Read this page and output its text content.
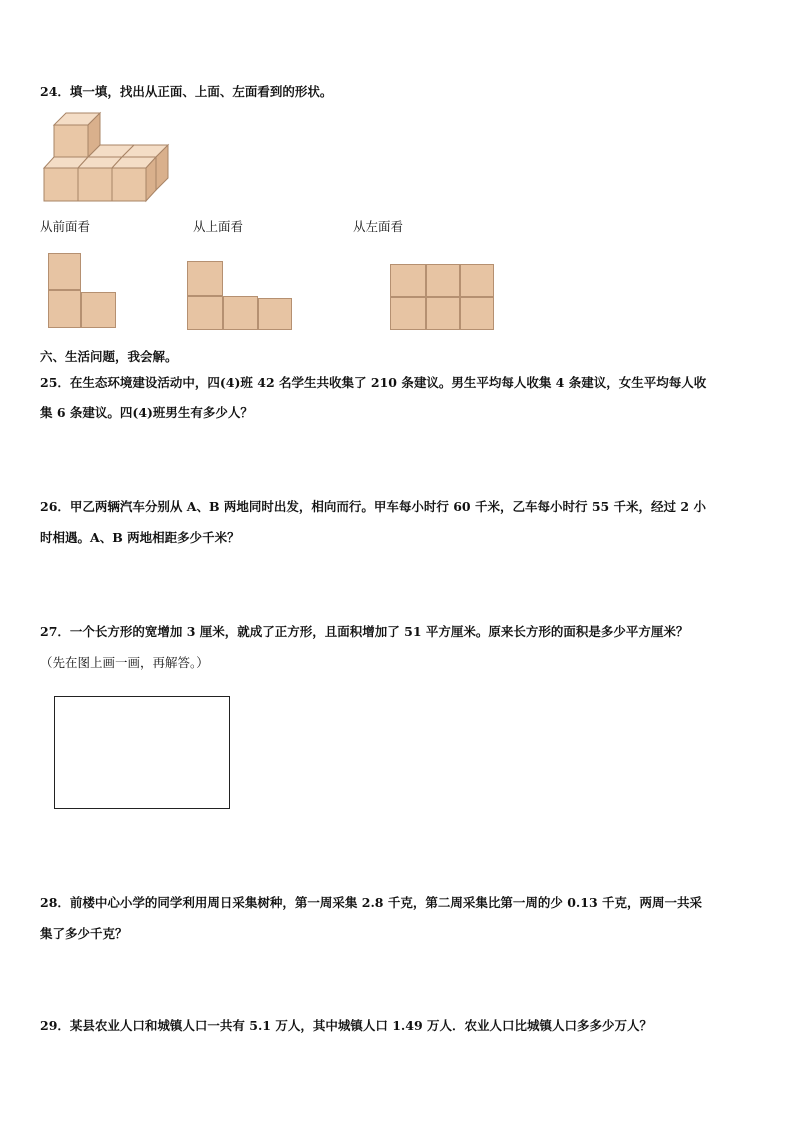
24．填一填，找出从正面、上面、左面看到的形状。
从前面看	从上面看	从左面看
六、生活问题，我会解。
25．在生态环境建设活动中，四(4)班 42 名学生共收集了 210 条建议。男生平均每人收集 4 条建议，女生平均每人收
集 6 条建议。四(4)班男生有多少人？
26．甲乙两辆汽车分别从 A、B 两地同时出发，相向而行。甲车每小时行 60 千米，乙车每小时行 55 千米，经过 2 小
时相遇。A、B 两地相距多少千米？
27．一个长方形的宽增加 3 厘米，就成了正方形，且面积增加了 51 平方厘米。原来长方形的面积是多少平方厘米？
（先在图上画一画，再解答。）
28．前楼中心小学的同学利用周日采集树种，第一周采集 2.8 千克，第二周采集比第一周的少 0.13 千克，两周一共采
集了多少千克？
29．某县农业人口和城镇人口一共有 5.1 万人，其中城镇人口 1.49 万人．农业人口比城镇人口多多少万人？
